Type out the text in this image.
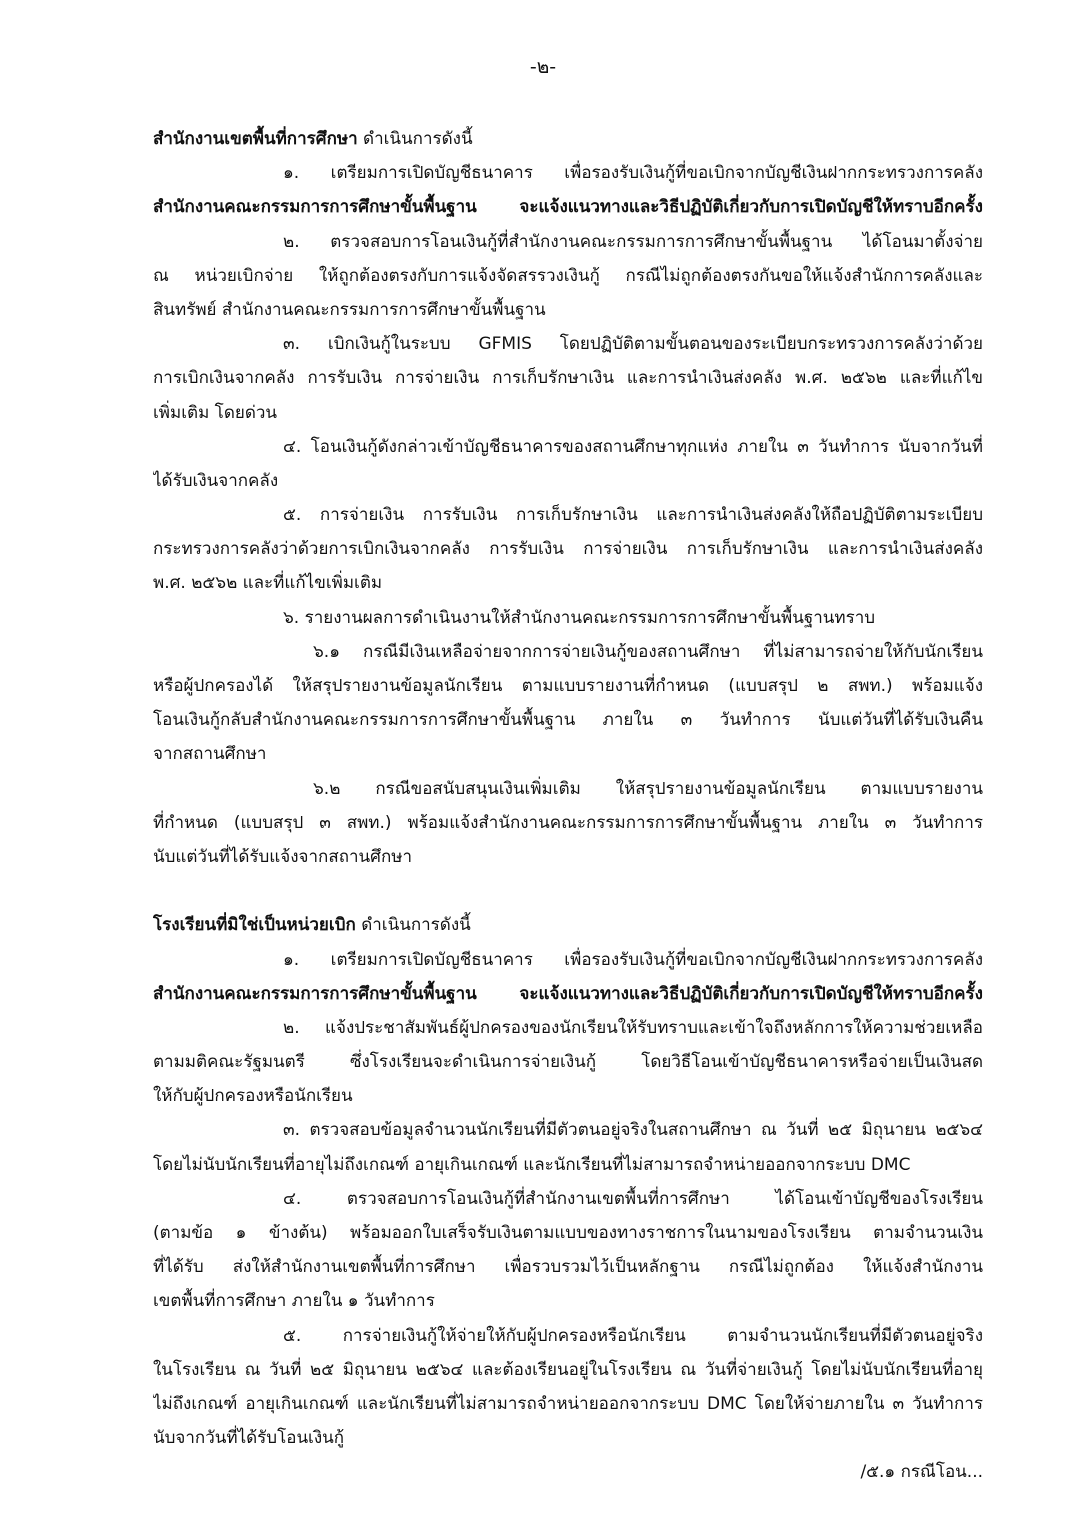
-๒-
สำนักงานเขตพื้นที่การศึกษา ดำเนินการดังนี้
๑. เตรียมการเปิดบัญชีธนาคาร เพื่อรองรับเงินกู้ที่ขอเบิกจากบัญชีเงินฝากกระทรวงการคลัง
สำนักงานคณะกรรมการการศึกษาขั้นพื้นฐาน จะแจ้งแนวทางและวิธีปฏิบัติเกี่ยวกับการเปิดบัญชีให้ทราบอีกครั้ง
๒. ตรวจสอบการโอนเงินกู้ที่สำนักงานคณะกรรมการการศึกษาขั้นพื้นฐาน ได้โอนมาตั้งจ่าย
ณ หน่วยเบิกจ่าย ให้ถูกต้องตรงกับการแจ้งจัดสรรวงเงินกู้ กรณีไม่ถูกต้องตรงกันขอให้แจ้งสำนักการคลังและ
สินทรัพย์ สำนักงานคณะกรรมการการศึกษาขั้นพื้นฐาน
๓. เบิกเงินกู้ในระบบ GFMIS โดยปฏิบัติตามขั้นตอนของระเบียบกระทรวงการคลังว่าด้วย
การเบิกเงินจากคลัง การรับเงิน การจ่ายเงิน การเก็บรักษาเงิน และการนำเงินส่งคลัง พ.ศ. ๒๕๖๒ และที่แก้ไข
เพิ่มเติม โดยด่วน
๔. โอนเงินกู้ดังกล่าวเข้าบัญชีธนาคารของสถานศึกษาทุกแห่ง ภายใน ๓ วันทำการ นับจากวันที่
ได้รับเงินจากคลัง
๕. การจ่ายเงิน การรับเงิน การเก็บรักษาเงิน และการนำเงินส่งคลังให้ถือปฏิบัติตามระเบียบ
กระทรวงการคลังว่าด้วยการเบิกเงินจากคลัง การรับเงิน การจ่ายเงิน การเก็บรักษาเงิน และการนำเงินส่งคลัง
พ.ศ. ๒๕๖๒ และที่แก้ไขเพิ่มเติม
๖. รายงานผลการดำเนินงานให้สำนักงานคณะกรรมการการศึกษาขั้นพื้นฐานทราบ
๖.๑ กรณีมีเงินเหลือจ่ายจากการจ่ายเงินกู้ของสถานศึกษา ที่ไม่สามารถจ่ายให้กับนักเรียน
หรือผู้ปกครองได้ ให้สรุปรายงานข้อมูลนักเรียน ตามแบบรายงานที่กำหนด (แบบสรุป ๒ สพท.) พร้อมแจ้ง
โอนเงินกู้กลับสำนักงานคณะกรรมการการศึกษาขั้นพื้นฐาน ภายใน ๓ วันทำการ นับแต่วันที่ได้รับเงินคืน
จากสถานศึกษา
๖.๒ กรณีขอสนับสนุนเงินเพิ่มเติม ให้สรุปรายงานข้อมูลนักเรียน ตามแบบรายงาน
ที่กำหนด (แบบสรุป ๓ สพท.) พร้อมแจ้งสำนักงานคณะกรรมการการศึกษาขั้นพื้นฐาน ภายใน ๓ วันทำการ
นับแต่วันที่ได้รับแจ้งจากสถานศึกษา
โรงเรียนที่มิใช่เป็นหน่วยเบิก ดำเนินการดังนี้
๑. เตรียมการเปิดบัญชีธนาคาร เพื่อรองรับเงินกู้ที่ขอเบิกจากบัญชีเงินฝากกระทรวงการคลัง
สำนักงานคณะกรรมการการศึกษาขั้นพื้นฐาน จะแจ้งแนวทางและวิธีปฏิบัติเกี่ยวกับการเปิดบัญชีให้ทราบอีกครั้ง
๒. แจ้งประชาสัมพันธ์ผู้ปกครองของนักเรียนให้รับทราบและเข้าใจถึงหลักการให้ความช่วยเหลือ
ตามมติคณะรัฐมนตรี ซึ่งโรงเรียนจะดำเนินการจ่ายเงินกู้ โดยวิธีโอนเข้าบัญชีธนาคารหรือจ่ายเป็นเงินสด
ให้กับผู้ปกครองหรือนักเรียน
๓. ตรวจสอบข้อมูลจำนวนนักเรียนที่มีตัวตนอยู่จริงในสถานศึกษา ณ วันที่ ๒๕ มิถุนายน ๒๕๖๔
โดยไม่นับนักเรียนที่อายุไม่ถึงเกณฑ์ อายุเกินเกณฑ์ และนักเรียนที่ไม่สามารถจำหน่ายออกจากระบบ DMC
๔. ตรวจสอบการโอนเงินกู้ที่สำนักงานเขตพื้นที่การศึกษา ได้โอนเข้าบัญชีของโรงเรียน
(ตามข้อ ๑ ข้างต้น) พร้อมออกใบเสร็จรับเงินตามแบบของทางราชการในนามของโรงเรียน ตามจำนวนเงิน
ที่ได้รับ ส่งให้สำนักงานเขตพื้นที่การศึกษา เพื่อรวบรวมไว้เป็นหลักฐาน กรณีไม่ถูกต้อง ให้แจ้งสำนักงาน
เขตพื้นที่การศึกษา ภายใน ๑ วันทำการ
๕. การจ่ายเงินกู้ให้จ่ายให้กับผู้ปกครองหรือนักเรียน ตามจำนวนนักเรียนที่มีตัวตนอยู่จริง
ในโรงเรียน ณ วันที่ ๒๕ มิถุนายน ๒๕๖๔ และต้องเรียนอยู่ในโรงเรียน ณ วันที่จ่ายเงินกู้ โดยไม่นับนักเรียนที่อายุ
ไม่ถึงเกณฑ์ อายุเกินเกณฑ์ และนักเรียนที่ไม่สามารถจำหน่ายออกจากระบบ DMC โดยให้จ่ายภายใน ๓ วันทำการ
นับจากวันที่ได้รับโอนเงินกู้
/๕.๑ กรณีโอน...
